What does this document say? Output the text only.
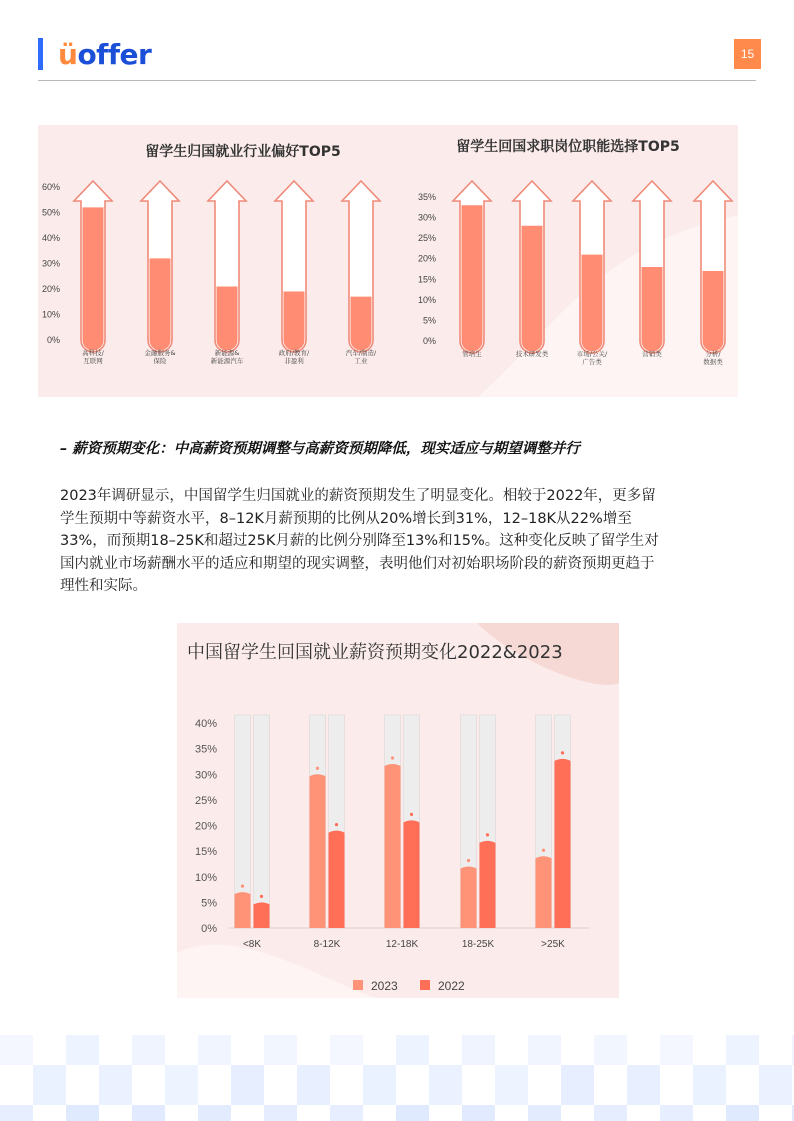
üoffer	15
留学生归国就业行业偏好TOP5	留学生回国求职岗位职能选择TOP5
60%
50%
40%
30%
20%
10%
0%
高科技/
互联网
金融服务&
保险
新能源&
新能源汽车
政府/教育/
非盈利
汽车/制造/
工业
35%
30%
25%
20%
15%
10%
5%
0%
管培生	技术研发类	市场/公关/
广告类
营销类	分析/
数据类
– 薪资预期变化：中高薪资预期调整与高薪资预期降低，现实适应与期望调整并行
2023年调研显示，中国留学生归国就业的薪资预期发生了明显变化。相较于2022年，更多留
学生预期中等薪资水平，8–12K月薪预期的比例从20%增长到31%，12–18K从22%增至
33%，而预期18–25K和超过25K月薪的比例分别降至13%和15%。这种变化反映了留学生对
国内就业市场薪酬水平的适应和期望的现实调整，表明他们对初始职场阶段的薪资预期更趋于
理性和实际。
中国留学生回国就业薪资预期变化2022&2023
40%
35%
30%
25%
20%
15%
10%
5%
0%
<8K	8-12K	12-18K	18-25K	>25K
2023	2022
